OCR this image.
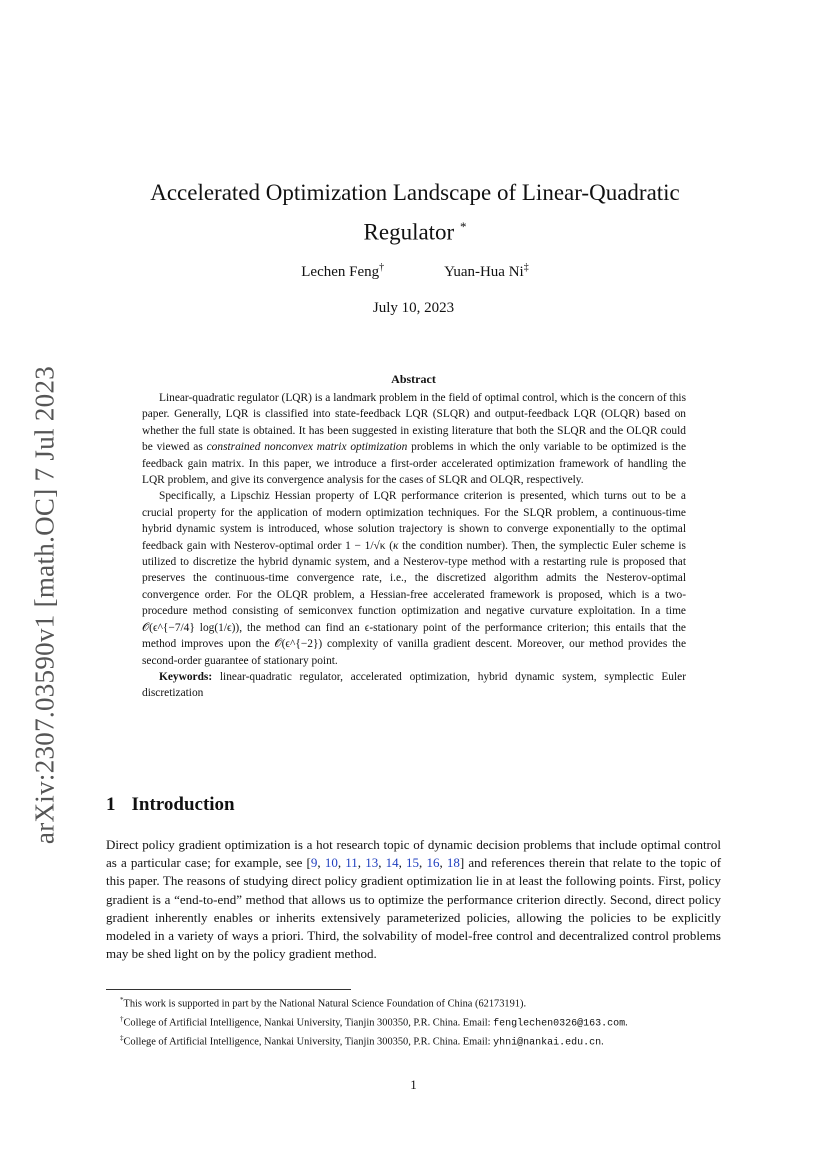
arXiv:2307.03590v1 [math.OC] 7 Jul 2023
Accelerated Optimization Landscape of Linear-Quadratic
Regulator *
Lechen Feng†	Yuan-Hua Ni‡
July 10, 2023
Abstract

Linear-quadratic regulator (LQR) is a landmark problem in the field of optimal control, which is the concern of this paper. Generally, LQR is classified into state-feedback LQR (SLQR) and output-feedback LQR (OLQR) based on whether the full state is obtained. It has been suggested in existing literature that both the SLQR and the OLQR could be viewed as constrained nonconvex matrix optimization problems in which the only variable to be optimized is the feedback gain matrix. In this paper, we introduce a first-order accelerated optimization framework of handling the LQR problem, and give its convergence analysis for the cases of SLQR and OLQR, respectively.

Specifically, a Lipschiz Hessian property of LQR performance criterion is presented, which turns out to be a crucial property for the application of modern optimization techniques. For the SLQR problem, a continuous-time hybrid dynamic system is introduced, whose solution trajectory is shown to converge exponentially to the optimal feedback gain with Nesterov-optimal order 1 − 1/√κ (κ the condition number). Then, the symplectic Euler scheme is utilized to discretize the hybrid dynamic system, and a Nesterov-type method with a restarting rule is proposed that preserves the continuous-time convergence rate, i.e., the discretized algorithm admits the Nesterov-optimal convergence order. For the OLQR problem, a Hessian-free accelerated framework is proposed, which is a two-procedure method consisting of semiconvex function optimization and negative curvature exploitation. In a time 𝒪(ϵ^{−7/4} log(1/ϵ)), the method can find an ϵ-stationary point of the performance criterion; this entails that the method improves upon the 𝒪(ϵ^{−2}) complexity of vanilla gradient descent. Moreover, our method provides the second-order guarantee of stationary point.

Keywords: linear-quadratic regulator, accelerated optimization, hybrid dynamic system, symplectic Euler discretization

1 Introduction

Direct policy gradient optimization is a hot research topic of dynamic decision problems that include optimal control as a particular case; for example, see [9, 10, 11, 13, 14, 15, 16, 18] and references therein that relate to the topic of this paper. The reasons of studying direct policy gradient optimization lie in at least the following points. First, policy gradient is a “end-to-end” method that allows us to optimize the performance criterion directly. Second, direct policy gradient inherently enables or inherits extensively parameterized policies, allowing the policies to be explicitly modeled in a variety of ways a priori. Third, the solvability of model-free control and decentralized control problems may be shed light on by the policy gradient method.

*This work is supported in part by the National Natural Science Foundation of China (62173191).
†College of Artificial Intelligence, Nankai University, Tianjin 300350, P.R. China. Email: fenglechen0326@163.com.
‡College of Artificial Intelligence, Nankai University, Tianjin 300350, P.R. China. Email: yhni@nankai.edu.cn.
1
